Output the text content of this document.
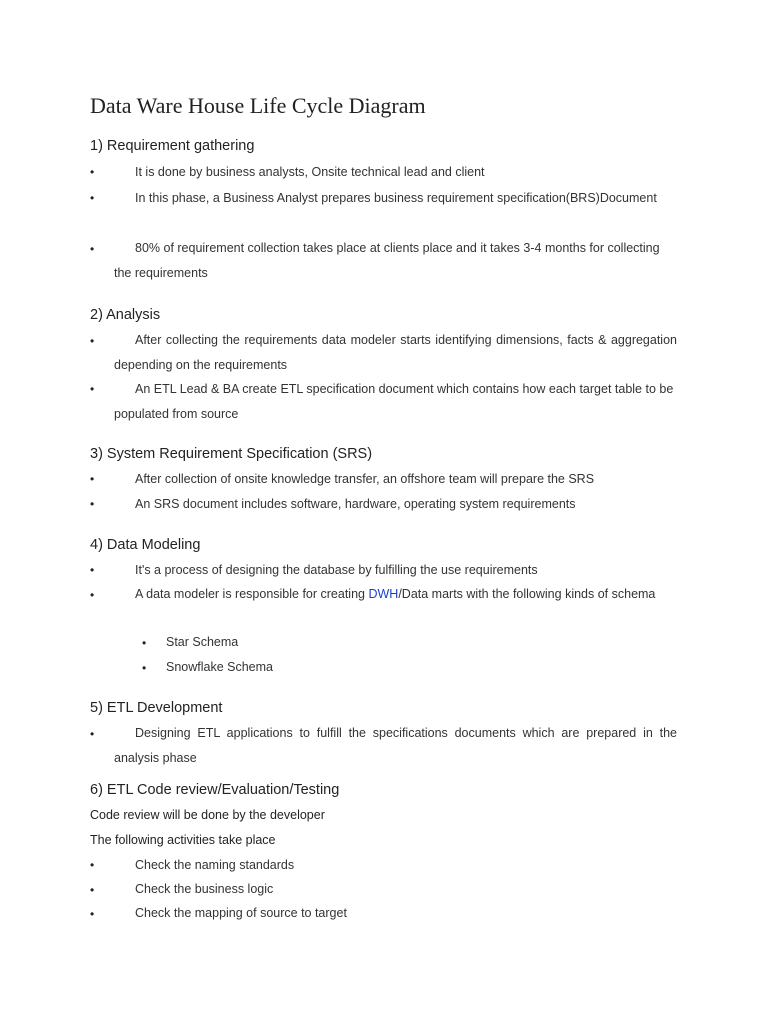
Data Ware House Life Cycle Diagram
1) Requirement gathering
•	It is done by business analysts, Onsite technical lead and client
•	In this phase, a Business Analyst prepares business requirement specification(BRS)Document
•	80% of requirement collection takes place at clients place and it takes 3-4 months for collecting the requirements
2) Analysis
•	After collecting the requirements data modeler starts identifying dimensions, facts & aggregation depending on the requirements
•	An ETL Lead & BA create ETL specification document which contains how each target table to be populated from source
3) System Requirement Specification (SRS)
•	After collection of onsite knowledge transfer, an offshore team will prepare the SRS
•	An SRS document includes software, hardware, operating system requirements
4) Data Modeling
•	It's a process of designing the database by fulfilling the use requirements
•	A data modeler is responsible for creating DWH/Data marts with the following kinds of schema
•	Star Schema
•	Snowflake Schema
5) ETL Development
•	Designing ETL applications to fulfill the specifications documents which are prepared in the analysis phase
6) ETL Code review/Evaluation/Testing
Code review will be done by the developer
The following activities take place
•	Check the naming standards
•	Check the business logic
•	Check the mapping of source to target
